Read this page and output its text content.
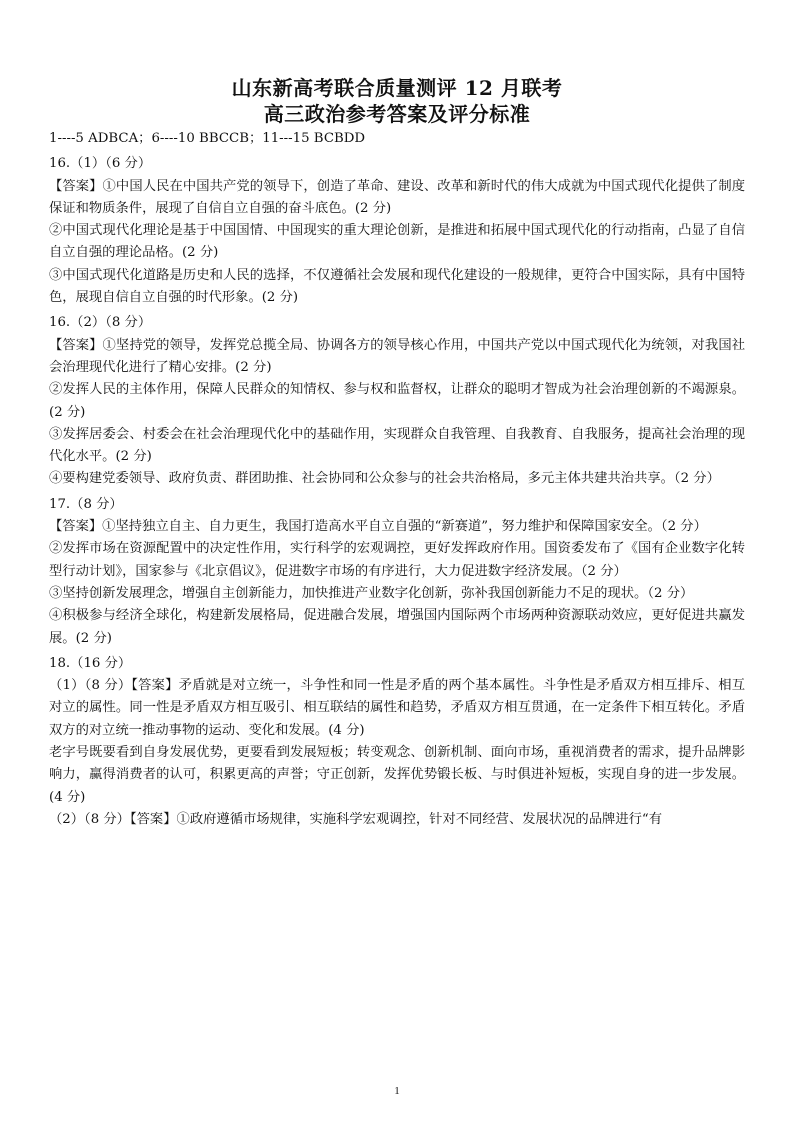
山东新高考联合质量测评 12 月联考
高三政治参考答案及评分标准

1----5 ADBCA；6----10 BBCCB；11---15 BCBDD

16.（1）（6 分）

【答案】①中国人民在中国共产党的领导下，创造了革命、建设、改革和新时代的伟大成就为中国式现代化提供了制度保证和物质条件，展现了自信自立自强的奋斗底色。(2 分)

②中国式现代化理论是基于中国国情、中国现实的重大理论创新，是推进和拓展中国式现代化的行动指南，凸显了自信自立自强的理论品格。(2 分)

③中国式现代化道路是历史和人民的选择，不仅遵循社会发展和现代化建设的一般规律，更符合中国实际，具有中国特色，展现自信自立自强的时代形象。(2 分)

16.（2）（8 分）

【答案】①坚持党的领导，发挥党总揽全局、协调各方的领导核心作用，中国共产党以中国式现代化为统领，对我国社会治理现代化进行了精心安排。(2 分)

②发挥人民的主体作用，保障人民群众的知情权、参与权和监督权，让群众的聪明才智成为社会治理创新的不竭源泉。(2 分)

③发挥居委会、村委会在社会治理现代化中的基础作用，实现群众自我管理、自我教育、自我服务，提高社会治理的现代化水平。(2 分)

④要构建党委领导、政府负责、群团助推、社会协同和公众参与的社会共治格局，多元主体共建共治共享。（2 分）

17.（8 分）

【答案】①坚持独立自主、自力更生，我国打造高水平自立自强的“新赛道”，努力维护和保障国家安全。（2 分）

②发挥市场在资源配置中的决定性作用，实行科学的宏观调控，更好发挥政府作用。国资委发布了《国有企业数字化转型行动计划》，国家参与《北京倡议》，促进数字市场的有序进行，大力促进数字经济发展。（2 分）

③坚持创新发展理念，增强自主创新能力，加快推进产业数字化创新，弥补我国创新能力不足的现状。（2 分）

④积极参与经济全球化，构建新发展格局，促进融合发展，增强国内国际两个市场两种资源联动效应，更好促进共赢发展。(2 分)

18.（16 分）

（1）（8 分）【答案】矛盾就是对立统一，斗争性和同一性是矛盾的两个基本属性。斗争性是矛盾双方相互排斥、相互对立的属性。同一性是矛盾双方相互吸引、相互联结的属性和趋势，矛盾双方相互贯通，在一定条件下相互转化。矛盾双方的对立统一推动事物的运动、变化和发展。(4 分)

老字号既要看到自身发展优势，更要看到发展短板；转变观念、创新机制、面向市场，重视消费者的需求，提升品牌影响力，赢得消费者的认可，积累更高的声誉；守正创新，发挥优势锻长板、与时俱进补短板，实现自身的进一步发展。(4 分)

（2）（8 分）【答案】①政府遵循市场规律，实施科学宏观调控，针对不同经营、发展状况的品牌进行“有

1
